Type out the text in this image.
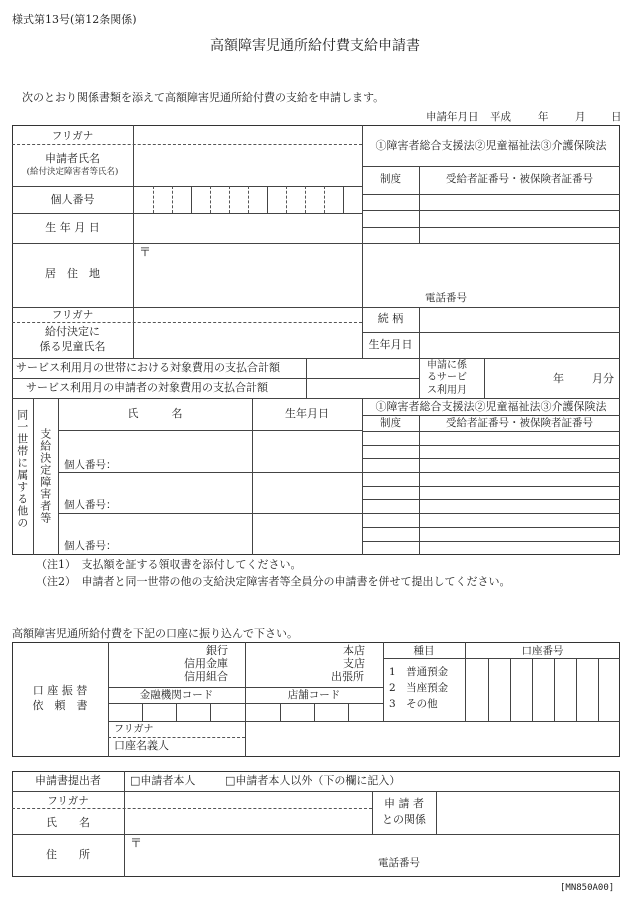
様式第13号(第12条関係)
高額障害児通所給付費支給申請書
次のとおり関係書類を添えて高額障害児通所給付費の支給を申請します。
申請年月日 平成	年	月 日
フリガナ
申請者氏名
(給付決定障害者等氏名)
個人番号
生 年 月 日
居　住　地
〒
電話番号
①障害者総合支援法②児童福祉法③介護保険法
制度	受給者証番号・被保険者証番号
フリガナ
給付決定に
係る児童氏名
続 柄
生年月日
サービス利用月の世帯における対象費用の支払合計額
サービス利用月の申請者の対象費用の支払合計額
申請に係
るサービ
ス利用月
年	月分
同一世帯に属する他の 支給決定障害者等
氏　　　名	生年月日
①障害者総合支援法②児童福祉法③介護保険法
制度	受給者証番号・被保険者証番号
個人番号：
個人番号：
個人番号：
（注1）　支払額を証する領収書を添付してください。
（注2）　申請者と同一世帯の他の支給決定障害者等全員分の申請書を併せて提出してください。
高額障害児通所給付費を下記の口座に振り込んで下さい。
口 座 振 替
依　頼　書
銀行
信用金庫
信用組合
本店
支店
出張所
金融機関コード	店舗コード
種目
1　普通預金
2　当座預金
3　その他
口座番号
フリガナ
口座名義人
申請書提出者	□申請者本人	□申請者本人以外（下の欄に記入）
フリガナ
氏　　名
申 請 者
との関係
住　　所
〒
電話番号
[MN850A00]
